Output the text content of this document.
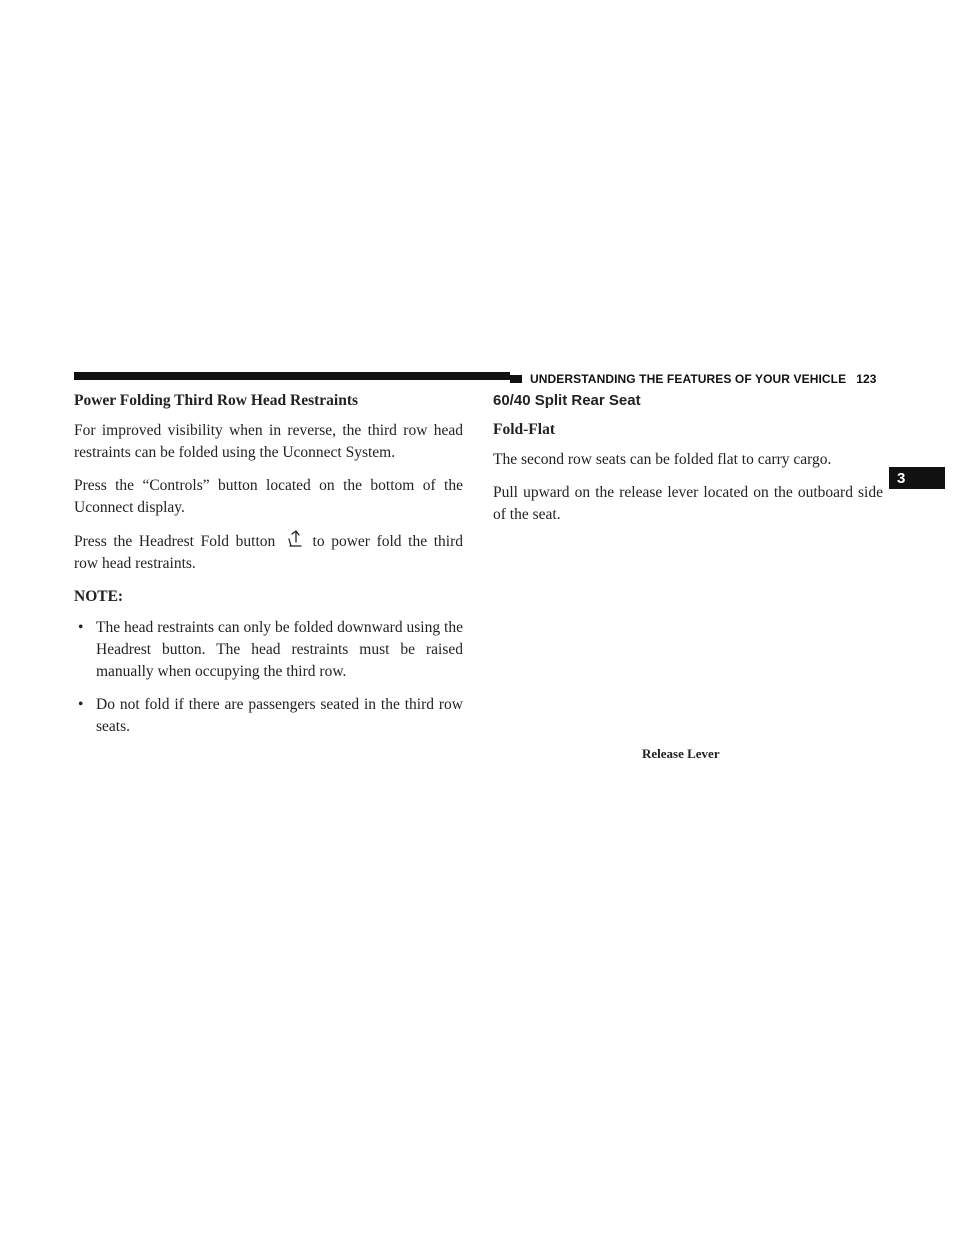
UNDERSTANDING THE FEATURES OF YOUR VEHICLE 123
Power Folding Third Row Head Restraints

For improved visibility when in reverse, the third row head restraints can be folded using the Uconnect System.

Press the “Controls” button located on the bottom of the Uconnect display.

Press the Headrest Fold button to power fold the third row head restraints.

NOTE:

• The head restraints can only be folded downward using the Headrest button. The head restraints must be raised manually when occupying the third row.
• Do not fold if there are passengers seated in the third row seats.
60/40 Split Rear Seat
Fold-Flat

The second row seats can be folded flat to carry cargo.

Pull upward on the release lever located on the outboard side of the seat.

Release Lever
3
